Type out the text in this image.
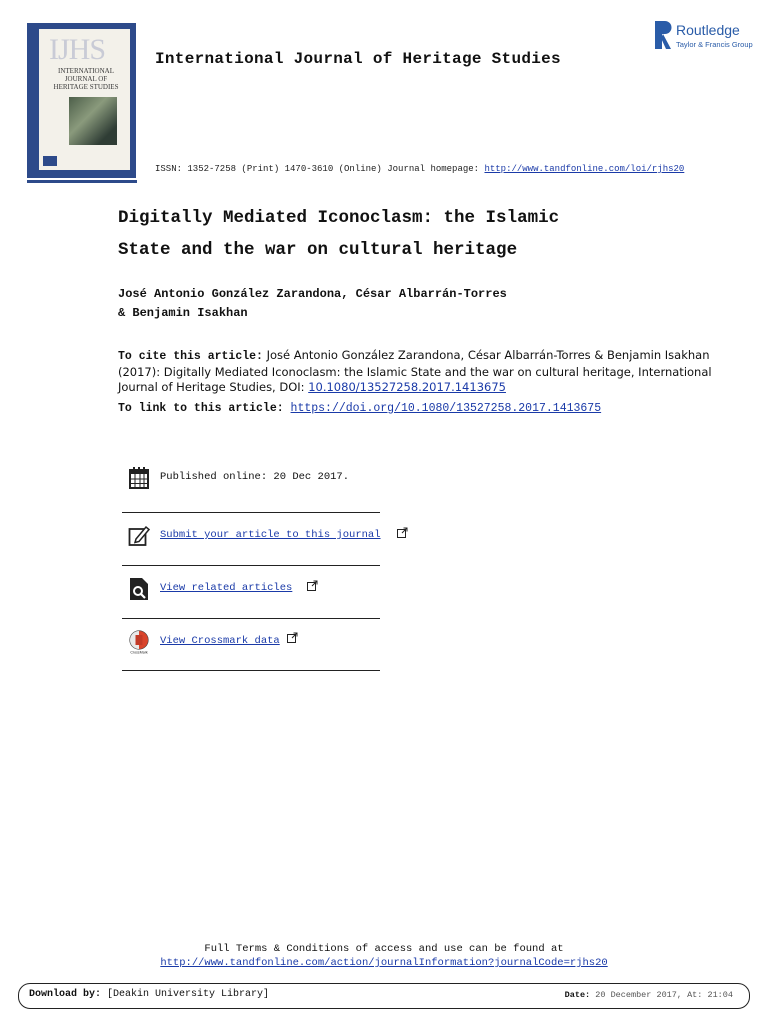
IJHS
INTERNATIONAL JOURNAL OF HERITAGE STUDIES
International Journal of Heritage Studies
ISSN: 1352-7258 (Print) 1470-3610 (Online) Journal homepage: http://www.tandfonline.com/loi/rjhs20
Routledge
Taylor & Francis Group
Digitally Mediated Iconoclasm: the Islamic
State and the war on cultural heritage
José Antonio González Zarandona, César Albarrán-Torres
& Benjamin Isakhan
To cite this article: José Antonio González Zarandona, César Albarrán-Torres & Benjamin Isakhan (2017): Digitally Mediated Iconoclasm: the Islamic State and the war on cultural heritage, International Journal of Heritage Studies, DOI: 10.1080/13527258.2017.1413675
To link to this article: https://doi.org/10.1080/13527258.2017.1413675
Published online: 20 Dec 2017.
Submit your article to this journal
View related articles
CrossMark
View Crossmark data
Full Terms & Conditions of access and use can be found at
http://www.tandfonline.com/action/journalInformation?journalCode=rjhs20
Download by: [Deakin University Library]	Date: 20 December 2017, At: 21:04
